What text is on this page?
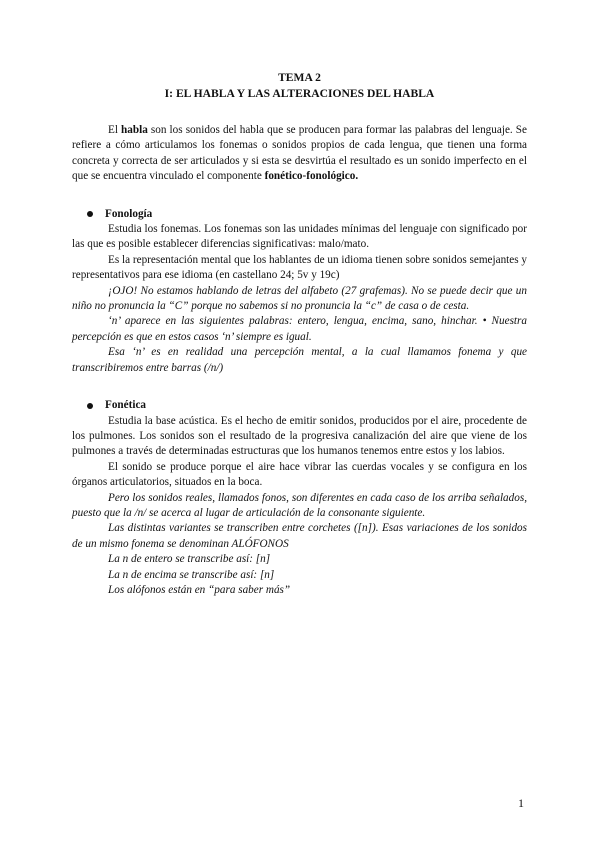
TEMA 2
I: EL HABLA Y LAS ALTERACIONES DEL HABLA

El habla son los sonidos del habla que se producen para formar las palabras del lenguaje. Se refiere a cómo articulamos los fonemas o sonidos propios de cada lengua, que tienen una forma concreta y correcta de ser articulados y si esta se desvirtúa el resultado es un sonido imperfecto en el que se encuentra vinculado el componente fonético-fonológico.

Fonología

Estudia los fonemas. Los fonemas son las unidades mínimas del lenguaje con significado por las que es posible establecer diferencias significativas: malo/mato.

Es la representación mental que los hablantes de un idioma tienen sobre sonidos semejantes y representativos para ese idioma (en castellano 24; 5v y 19c)

¡OJO! No estamos hablando de letras del alfabeto (27 grafemas). No se puede decir que un niño no pronuncia la “C” porque no sabemos si no pronuncia la “c” de casa o de cesta.

‘n’ aparece en las siguientes palabras: entero, lengua, encima, sano, hinchar. • Nuestra percepción es que en estos casos ‘n’ siempre es igual.

Esa ‘n’ es en realidad una percepción mental, a la cual llamamos fonema y que transcribiremos entre barras (/n/)

Fonética

Estudia la base acústica. Es el hecho de emitir sonidos, producidos por el aire, procedente de los pulmones. Los sonidos son el resultado de la progresiva canalización del aire que viene de los pulmones a través de determinadas estructuras que los humanos tenemos entre estos y los labios.

El sonido se produce porque el aire hace vibrar las cuerdas vocales y se configura en los órganos articulatorios, situados en la boca.

Pero los sonidos reales, llamados fonos, son diferentes en cada caso de los arriba señalados, puesto que la /n/ se acerca al lugar de articulación de la consonante siguiente.

Las distintas variantes se transcriben entre corchetes ([n]). Esas variaciones de los sonidos de un mismo fonema se denominan ALÓFONOS

La n de entero se transcribe así: [n]

La n de encima se transcribe así: [n]

Los alófonos están en “para saber más”

1
